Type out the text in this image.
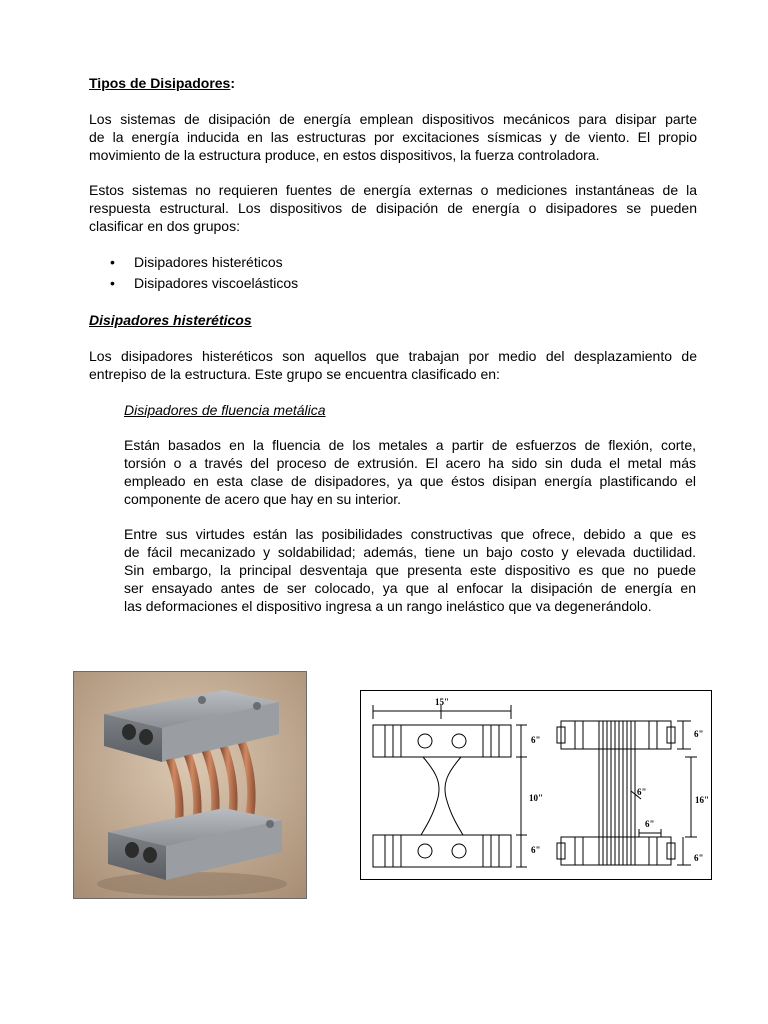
Tipos de Disipadores:

Los sistemas de disipación de energía emplean dispositivos mecánicos para disipar parte
de la energía inducida en las estructuras por excitaciones sísmicas y de viento. El propio
movimiento de la estructura produce, en estos dispositivos, la fuerza controladora.

Estos sistemas no requieren fuentes de energía externas o mediciones instantáneas de la
respuesta estructural. Los dispositivos de disipación de energía o disipadores se pueden
clasificar en dos grupos:

• Disipadores histeréticos
• Disipadores viscoelásticos

Disipadores histeréticos

Los disipadores histeréticos son aquellos que trabajan por medio del desplazamiento de
entrepiso de la estructura. Este grupo se encuentra clasificado en:

Disipadores de fluencia metálica

Están basados en la fluencia de los metales a partir de esfuerzos de flexión, corte,
torsión o a través del proceso de extrusión. El acero ha sido sin duda el metal más
empleado en esta clase de disipadores, ya que éstos disipan energía plastificando el
componente de acero que hay en su interior.

Entre sus virtudes están las posibilidades constructivas que ofrece, debido a que es
de fácil mecanizado y soldabilidad; además, tiene un bajo costo y elevada ductilidad.
Sin embargo, la principal desventaja que presenta este dispositivo es que no puede
ser ensayado antes de ser colocado, ya que al enfocar la disipación de energía en
las deformaciones el dispositivo ingresa a un rango inelástico que va degenerándolo.

15"
6"
10"
6"
6"
6"
16"
6"
6"
